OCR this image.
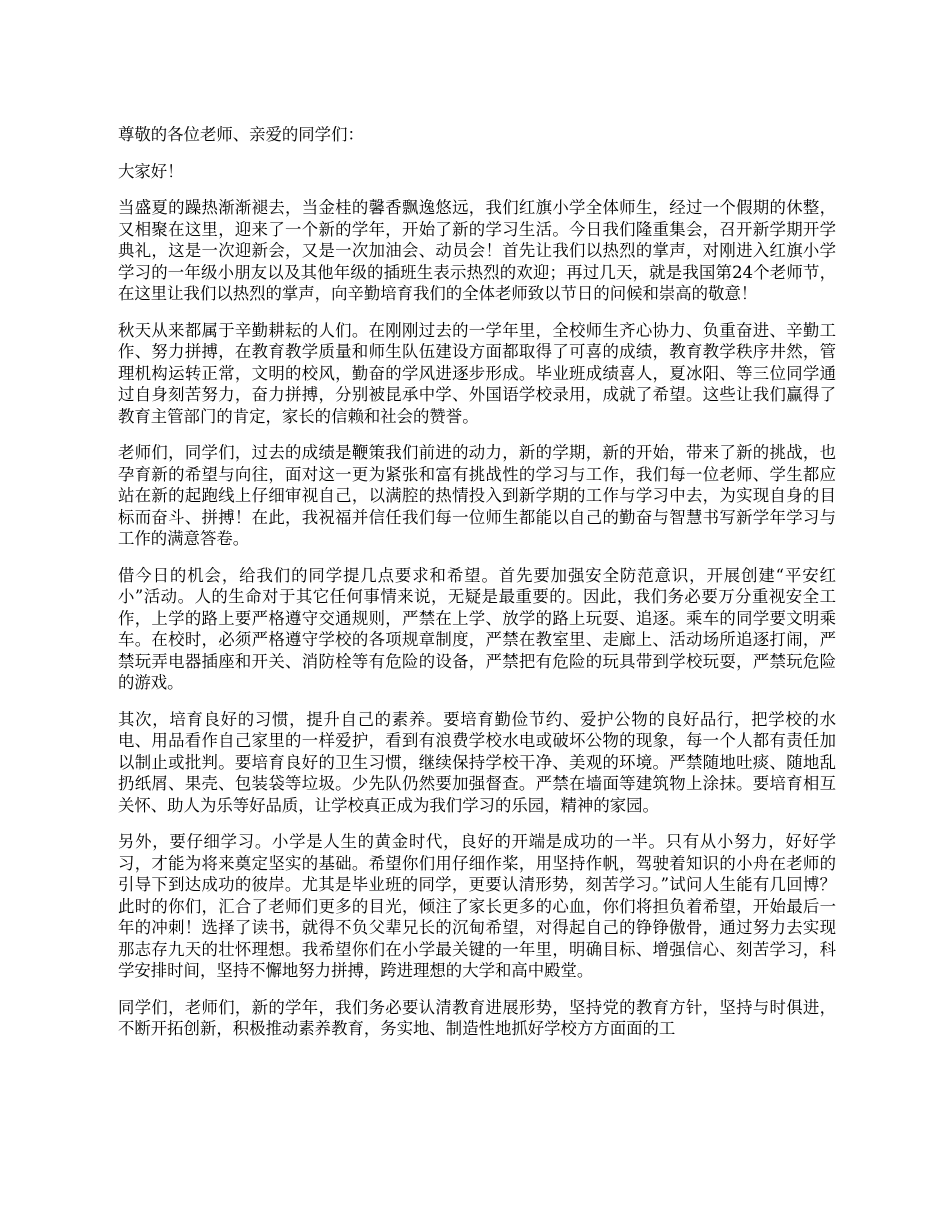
尊敬的各位老师、亲爱的同学们：

大家好！

当盛夏的躁热渐渐褪去，当金桂的馨香飘逸悠远，我们红旗小学全体师生，经过一个假期的休整，又相聚在这里，迎来了一个新的学年，开始了新的学习生活。今日我们隆重集会，召开新学期开学典礼，这是一次迎新会，又是一次加油会、动员会！首先让我们以热烈的掌声，对刚进入红旗小学学习的一年级小朋友以及其他年级的插班生表示热烈的欢迎；再过几天，就是我国第24个老师节，在这里让我们以热烈的掌声，向辛勤培育我们的全体老师致以节日的问候和崇高的敬意！

秋天从来都属于辛勤耕耘的人们。在刚刚过去的一学年里，全校师生齐心协力、负重奋进、辛勤工作、努力拼搏，在教育教学质量和师生队伍建设方面都取得了可喜的成绩，教育教学秩序井然，管理机构运转正常，文明的校风，勤奋的学风进逐步形成。毕业班成绩喜人，夏冰阳、等三位同学通过自身刻苦努力，奋力拼搏，分别被昆承中学、外国语学校录用，成就了希望。这些让我们赢得了教育主管部门的肯定，家长的信赖和社会的赞誉。

老师们，同学们，过去的成绩是鞭策我们前进的动力，新的学期，新的开始，带来了新的挑战，也孕育新的希望与向往，面对这一更为紧张和富有挑战性的学习与工作，我们每一位老师、学生都应站在新的起跑线上仔细审视自己，以满腔的热情投入到新学期的工作与学习中去，为实现自身的目标而奋斗、拼搏！在此，我祝福并信任我们每一位师生都能以自己的勤奋与智慧书写新学年学习与工作的满意答卷。

借今日的机会，给我们的同学提几点要求和希望。首先要加强安全防范意识，开展创建“平安红小”活动。人的生命对于其它任何事情来说，无疑是最重要的。因此，我们务必要万分重视安全工作，上学的路上要严格遵守交通规则，严禁在上学、放学的路上玩耍、追逐。乘车的同学要文明乘车。在校时，必须严格遵守学校的各项规章制度，严禁在教室里、走廊上、活动场所追逐打闹，严禁玩弄电器插座和开关、消防栓等有危险的设备，严禁把有危险的玩具带到学校玩耍，严禁玩危险的游戏。

其次，培育良好的习惯，提升自己的素养。要培育勤俭节约、爱护公物的良好品行，把学校的水电、用品看作自己家里的一样爱护，看到有浪费学校水电或破坏公物的现象，每一个人都有责任加以制止或批判。要培育良好的卫生习惯，继续保持学校干净、美观的环境。严禁随地吐痰、随地乱扔纸屑、果壳、包装袋等垃圾。少先队仍然要加强督查。严禁在墙面等建筑物上涂抹。要培育相互关怀、助人为乐等好品质，让学校真正成为我们学习的乐园，精神的家园。

另外，要仔细学习。小学是人生的黄金时代，良好的开端是成功的一半。只有从小努力，好好学习，才能为将来奠定坚实的基础。希望你们用仔细作桨，用坚持作帆，驾驶着知识的小舟在老师的引导下到达成功的彼岸。尤其是毕业班的同学，更要认清形势，刻苦学习。”试问人生能有几回博？此时的你们，汇合了老师们更多的目光，倾注了家长更多的心血，你们将担负着希望，开始最后一年的冲刺！选择了读书，就得不负父辈兄长的沉甸希望，对得起自己的铮铮傲骨，通过努力去实现那志存九天的壮怀理想。我希望你们在小学最关键的一年里，明确目标、增强信心、刻苦学习，科学安排时间，坚持不懈地努力拼搏，跨进理想的大学和高中殿堂。

同学们，老师们，新的学年，我们务必要认清教育进展形势，坚持党的教育方针，坚持与时俱进，不断开拓创新，积极推动素养教育，务实地、制造性地抓好学校方方面面的工
